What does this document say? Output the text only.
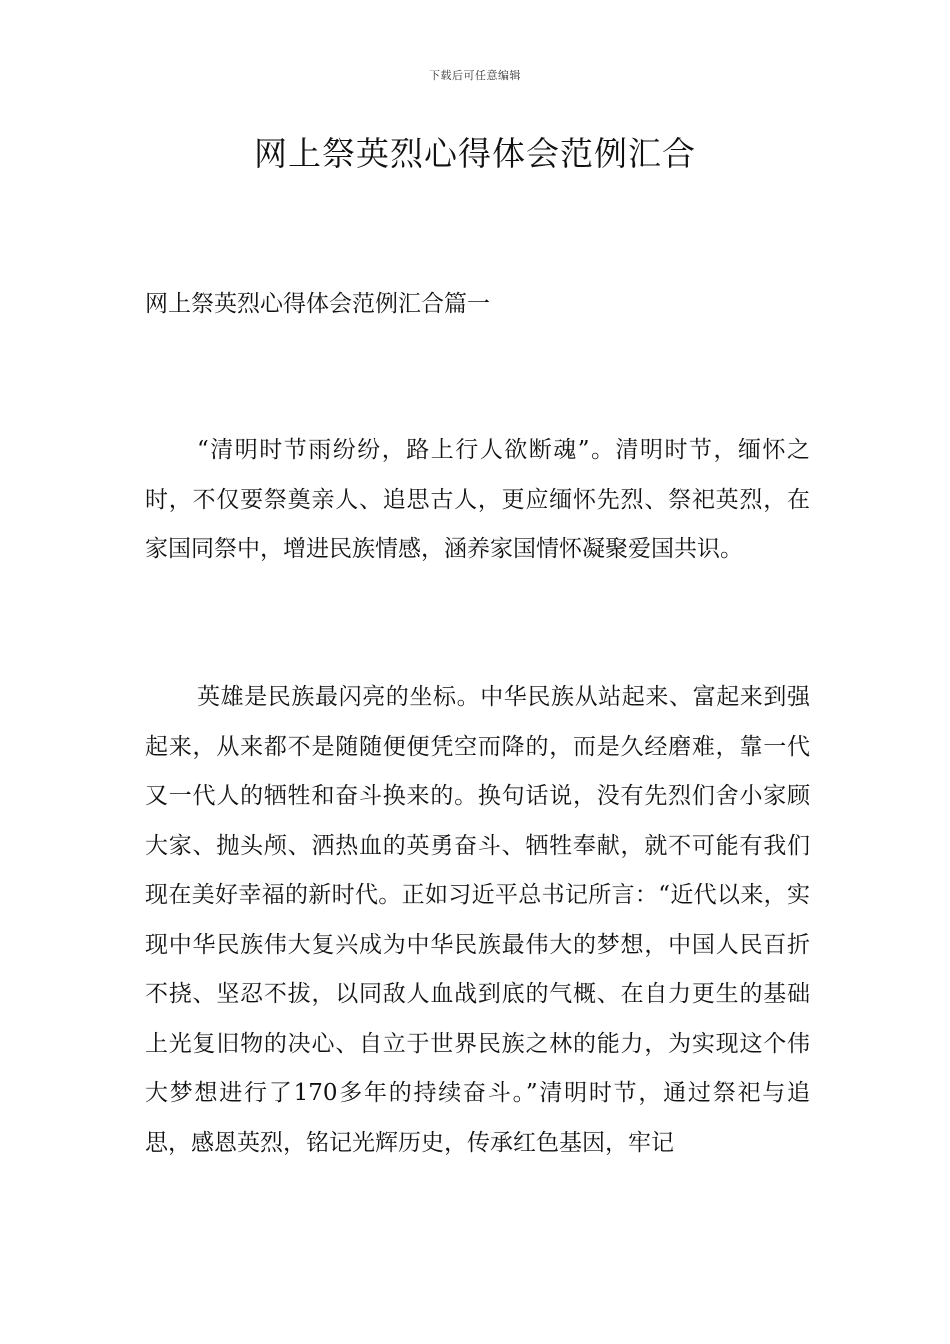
下载后可任意编辑
网上祭英烈心得体会范例汇合
网上祭英烈心得体会范例汇合篇一

“清明时节雨纷纷，路上行人欲断魂”。清明时节，缅怀之时，不仅要祭奠亲人、追思古人，更应缅怀先烈、祭祀英烈，在家国同祭中，增进民族情感，涵养家国情怀凝聚爱国共识。

英雄是民族最闪亮的坐标。中华民族从站起来、富起来到强起来，从来都不是随随便便凭空而降的，而是久经磨难，靠一代又一代人的牺牲和奋斗换来的。换句话说，没有先烈们舍小家顾大家、抛头颅、洒热血的英勇奋斗、牺牲奉献，就不可能有我们现在美好幸福的新时代。正如习近平总书记所言：“近代以来，实现中华民族伟大复兴成为中华民族最伟大的梦想，中国人民百折不挠、坚忍不拔，以同敌人血战到底的气概、在自力更生的基础上光复旧物的决心、自立于世界民族之林的能力，为实现这个伟大梦想进行了170多年的持续奋斗。”清明时节，通过祭祀与追思，感恩英烈，铭记光辉历史，传承红色基因，牢记
